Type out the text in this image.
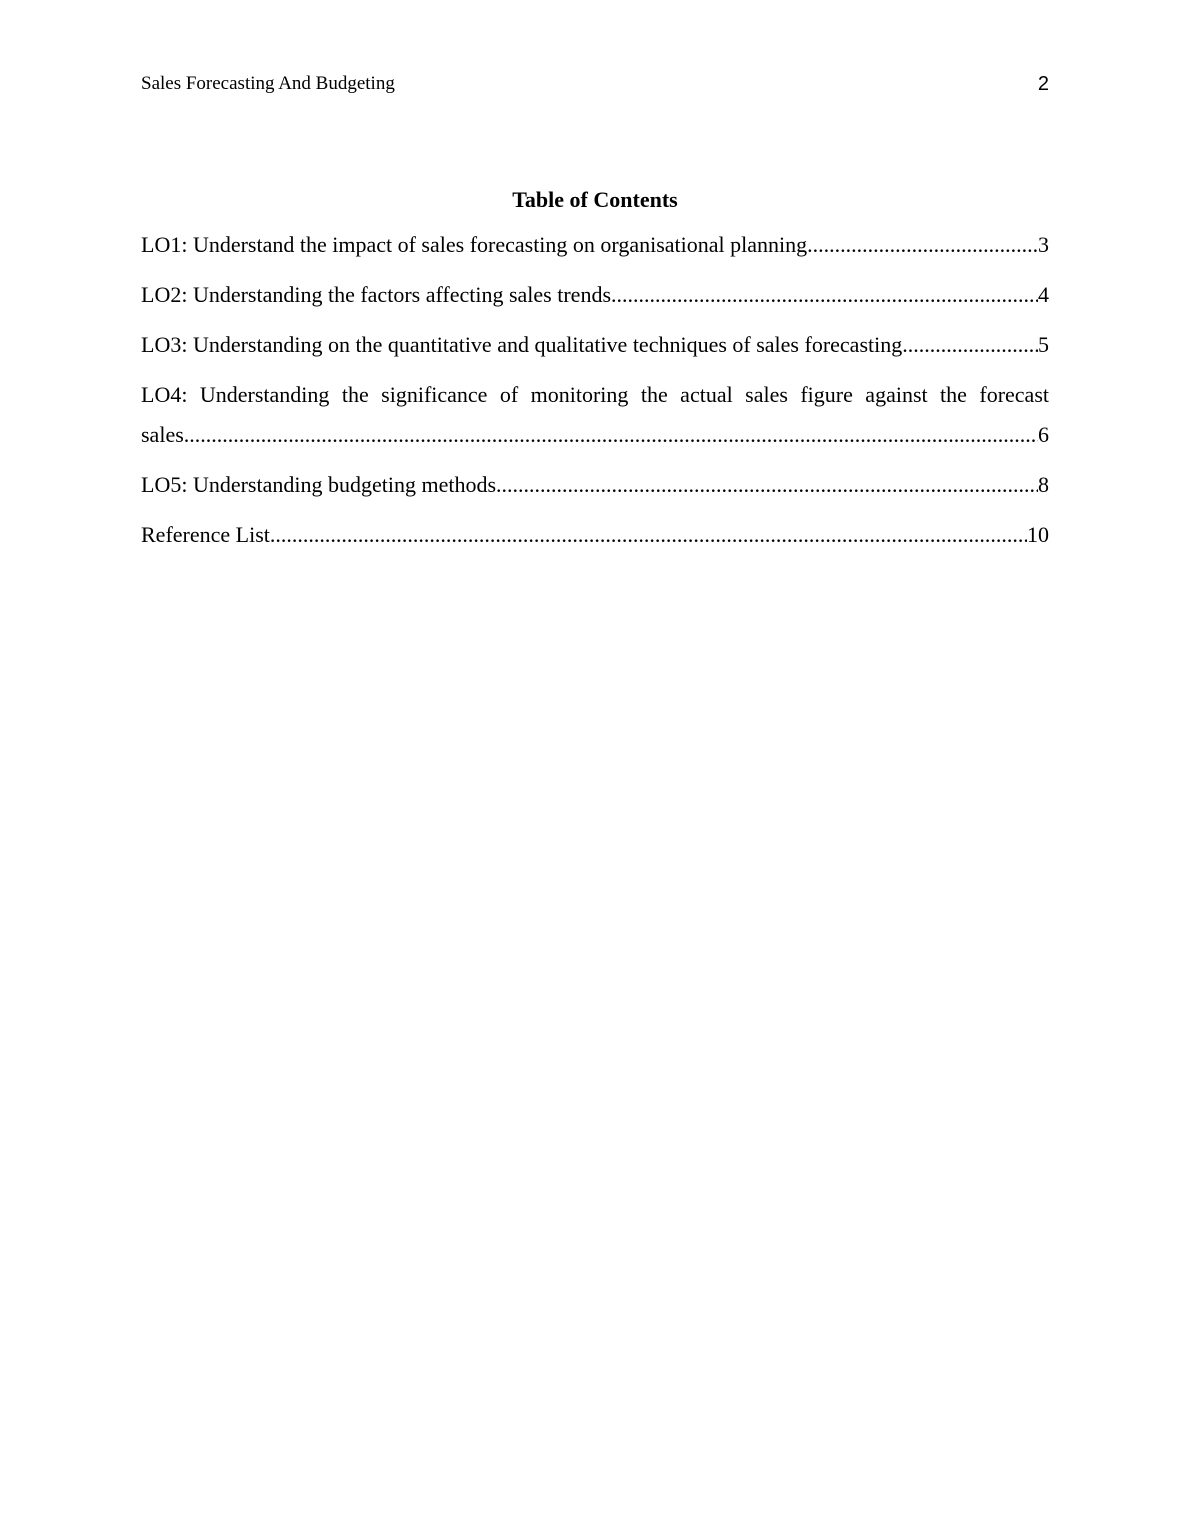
Sales Forecasting And Budgeting	2
Table of Contents
LO1: Understand the impact of sales forecasting on organisational planning .....	3
LO2: Understanding the factors affecting sales trends .....	4
LO3: Understanding on the quantitative and qualitative techniques of sales forecasting .....	5
LO4: Understanding the significance of monitoring the actual sales figure against the forecast
sales .....	6
LO5: Understanding budgeting methods .....	8
Reference List .....	10
